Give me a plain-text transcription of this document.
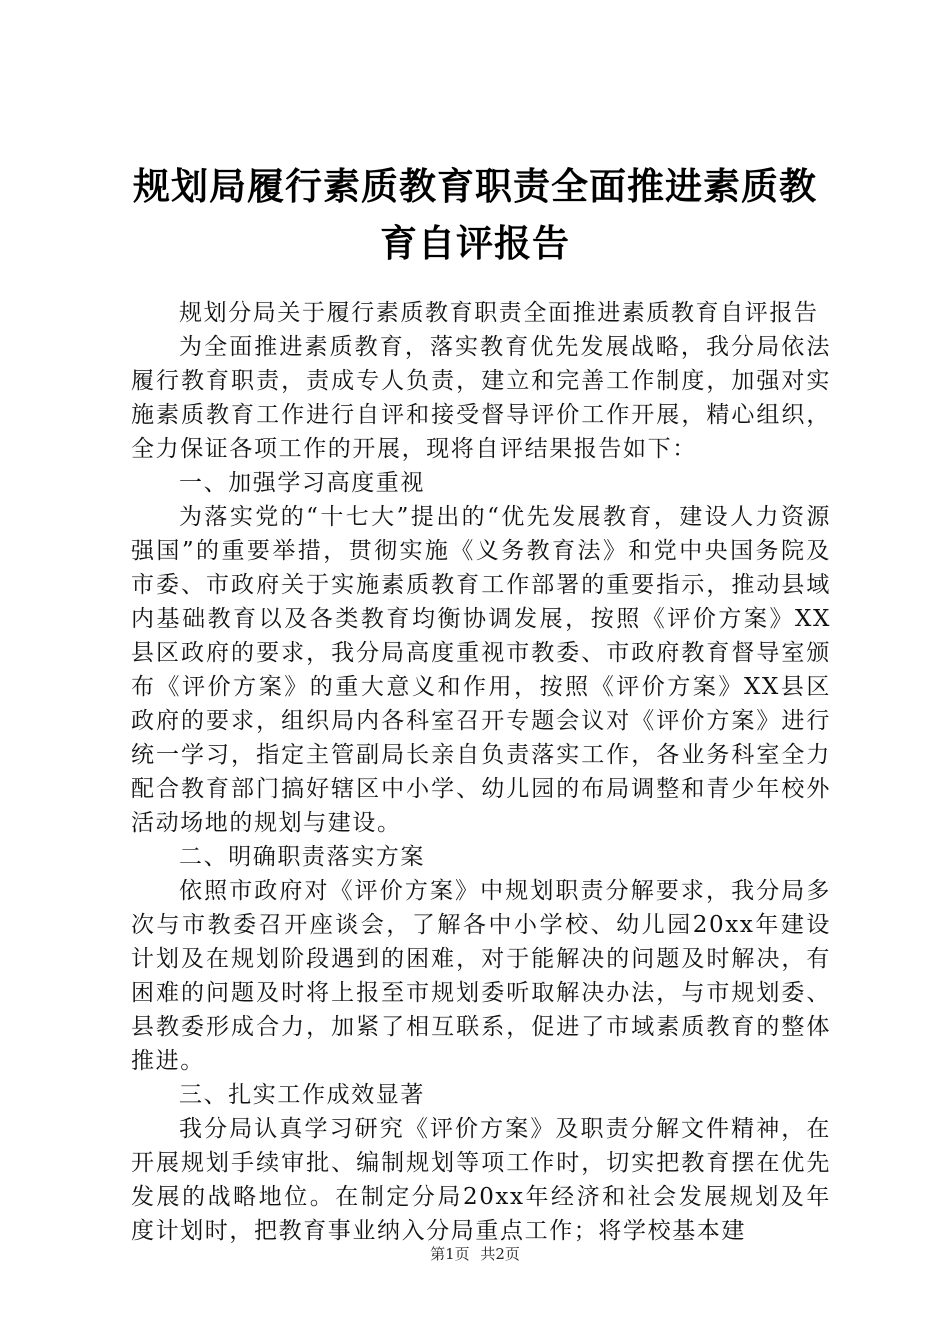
规划局履行素质教育职责全面推进素质教育自评报告

规划分局关于履行素质教育职责全面推进素质教育自评报告

为全面推进素质教育，落实教育优先发展战略，我分局依法履行教育职责，责成专人负责，建立和完善工作制度，加强对实施素质教育工作进行自评和接受督导评价工作开展，精心组织，全力保证各项工作的开展，现将自评结果报告如下：

一、加强学习高度重视

为落实党的“十七大”提出的“优先发展教育，建设人力资源强国”的重要举措，贯彻实施《义务教育法》和党中央国务院及市委、市政府关于实施素质教育工作部署的重要指示，推动县域内基础教育以及各类教育均衡协调发展，按照《评价方案》XX县区政府的要求，我分局高度重视市教委、市政府教育督导室颁布《评价方案》的重大意义和作用，按照《评价方案》XX县区政府的要求，组织局内各科室召开专题会议对《评价方案》进行统一学习，指定主管副局长亲自负责落实工作，各业务科室全力配合教育部门搞好辖区中小学、幼儿园的布局调整和青少年校外活动场地的规划与建设。

二、明确职责落实方案

依照市政府对《评价方案》中规划职责分解要求，我分局多次与市教委召开座谈会，了解各中小学校、幼儿园20xx年建设计划及在规划阶段遇到的困难，对于能解决的问题及时解决，有困难的问题及时将上报至市规划委听取解决办法，与市规划委、县教委形成合力，加紧了相互联系，促进了市域素质教育的整体推进。

三、扎实工作成效显著

我分局认真学习研究《评价方案》及职责分解文件精神，在开展规划手续审批、编制规划等项工作时，切实把教育摆在优先发展的战略地位。在制定分局20xx年经济和社会发展规划及年度计划时，把教育事业纳入分局重点工作；将学校基本建

第1页 共2页
